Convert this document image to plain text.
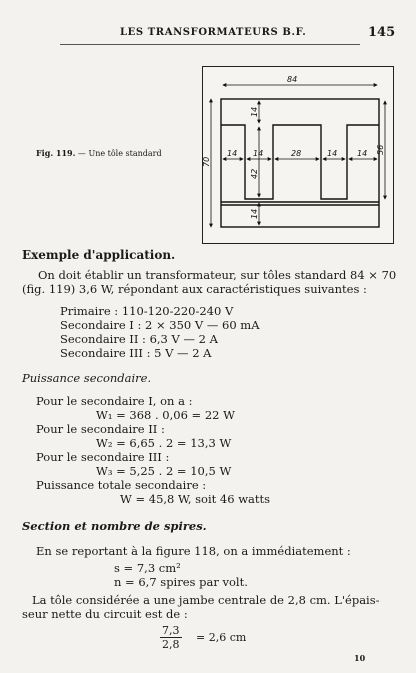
LES TRANSFORMATEURS B.F.	145
Fig. 119. — Une tôle standard
84
70
56
14
42
14
14 14	28	14 14
Exemple d'application.
On doit établir un transformateur, sur tôles standard 84 × 70
(fig. 119) 3,6 W, répondant aux caractéristiques suivantes :
Primaire : 110-120-220-240 V
Secondaire I : 2 × 350 V — 60 mA
Secondaire II : 6,3 V — 2 A
Secondaire III : 5 V — 2 A
Puissance secondaire.
Pour le secondaire I, on a :
W₁ = 368 . 0,06 = 22 W
Pour le secondaire II :
W₂ = 6,65 . 2 = 13,3 W
Pour le secondaire III :
W₃ = 5,25 . 2 = 10,5 W
Puissance totale secondaire :
W = 45,8 W, soit 46 watts
Section et nombre de spires.
En se reportant à la figure 118, on a immédiatement :
s = 7,3 cm²
n = 6,7 spires par volt.
La tôle considérée a une jambe centrale de 2,8 cm. L'épais-
seur nette du circuit est de :
$\frac{7,3}{2,8} = 2,6$ cm
10
